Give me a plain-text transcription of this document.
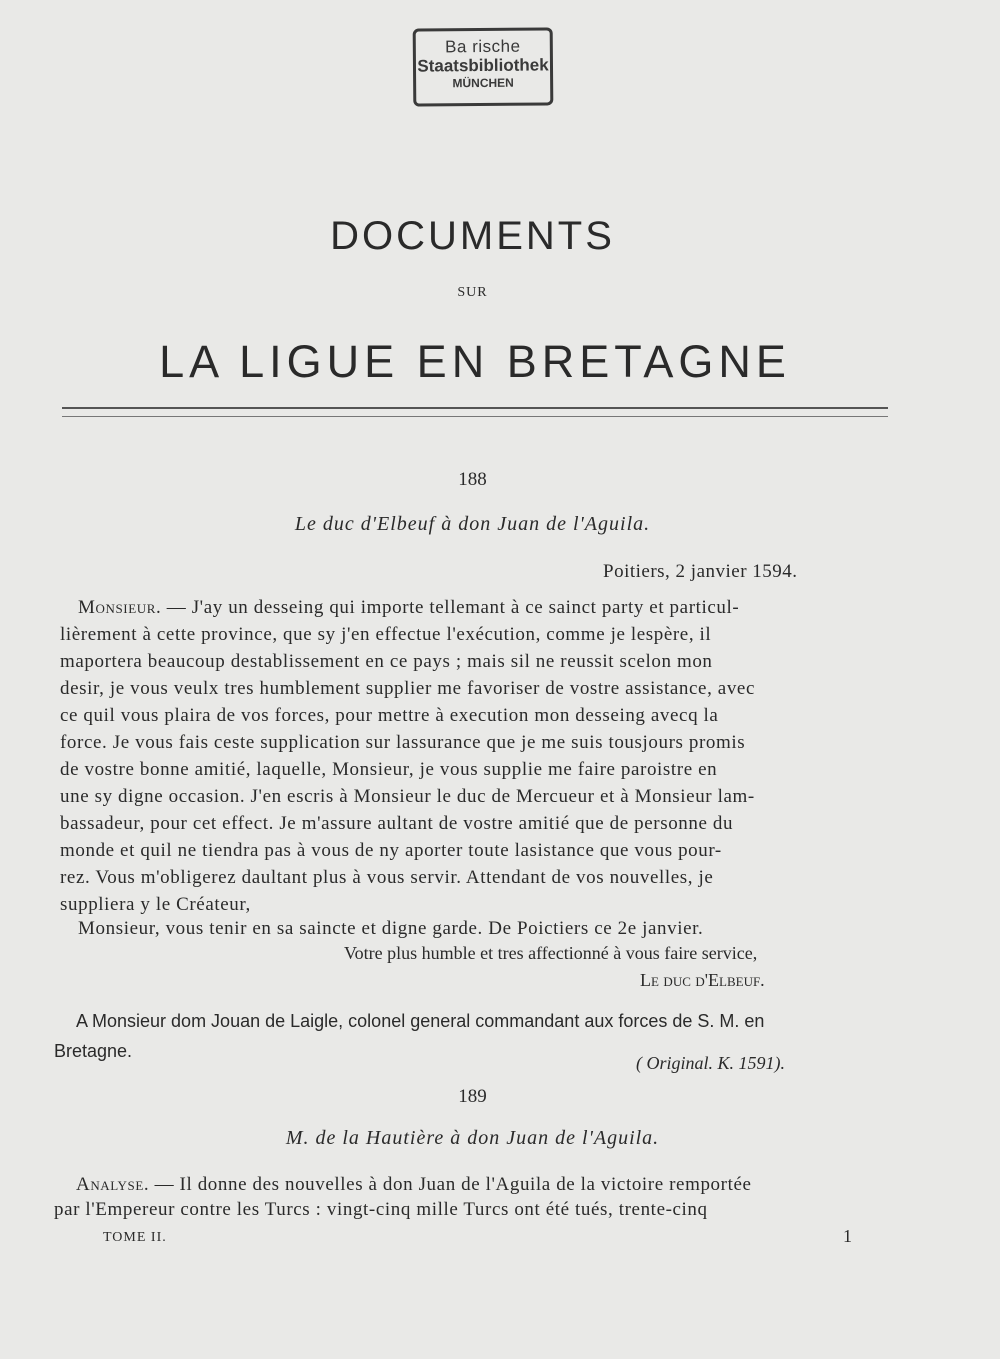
Ba rische
Staatsbibliothek
MÜNCHEN
DOCUMENTS
SUR
LA LIGUE EN BRETAGNE
188
Le duc d'Elbeuf à don Juan de l'Aguila.
Poitiers, 2 janvier 1594.
Monsieur. — J'ay un desseing qui importe tellemant à ce sainct party et particul-
lièrement à cette province, que sy j'en effectue l'exécution, comme je lespère, il
maportera beaucoup destablissement en ce pays ; mais sil ne reussit scelon mon
desir, je vous veulx tres humblement supplier me favoriser de vostre assistance, avec
ce quil vous plaira de vos forces, pour mettre à execution mon desseing avecq la
force. Je vous fais ceste supplication sur lassurance que je me suis tousjours promis
de vostre bonne amitié, laquelle, Monsieur, je vous supplie me faire paroistre en
une sy digne occasion. J'en escris à Monsieur le duc de Mercueur et à Monsieur lam-
bassadeur, pour cet effect. Je m'assure aultant de vostre amitié que de personne du
monde et quil ne tiendra pas à vous de ny aporter toute lasistance que vous pour-
rez. Vous m'obligerez daultant plus à vous servir. Attendant de vos nouvelles, je
suppliera y le Créateur,
Monsieur, vous tenir en sa saincte et digne garde. De Poictiers ce 2e janvier.
Votre plus humble et tres affectionné à vous faire service,
Le duc d'Elbeuf.
A Monsieur dom Jouan de Laigle, colonel general commandant aux forces de S. M. en
Bretagne.
( Original. K. 1591).
189
M. de la Hautière à don Juan de l'Aguila.
Analyse. — Il donne des nouvelles à don Juan de l'Aguila de la victoire remportée
par l'Empereur contre les Turcs : vingt-cinq mille Turcs ont été tués, trente-cinq
TOME II.	1
